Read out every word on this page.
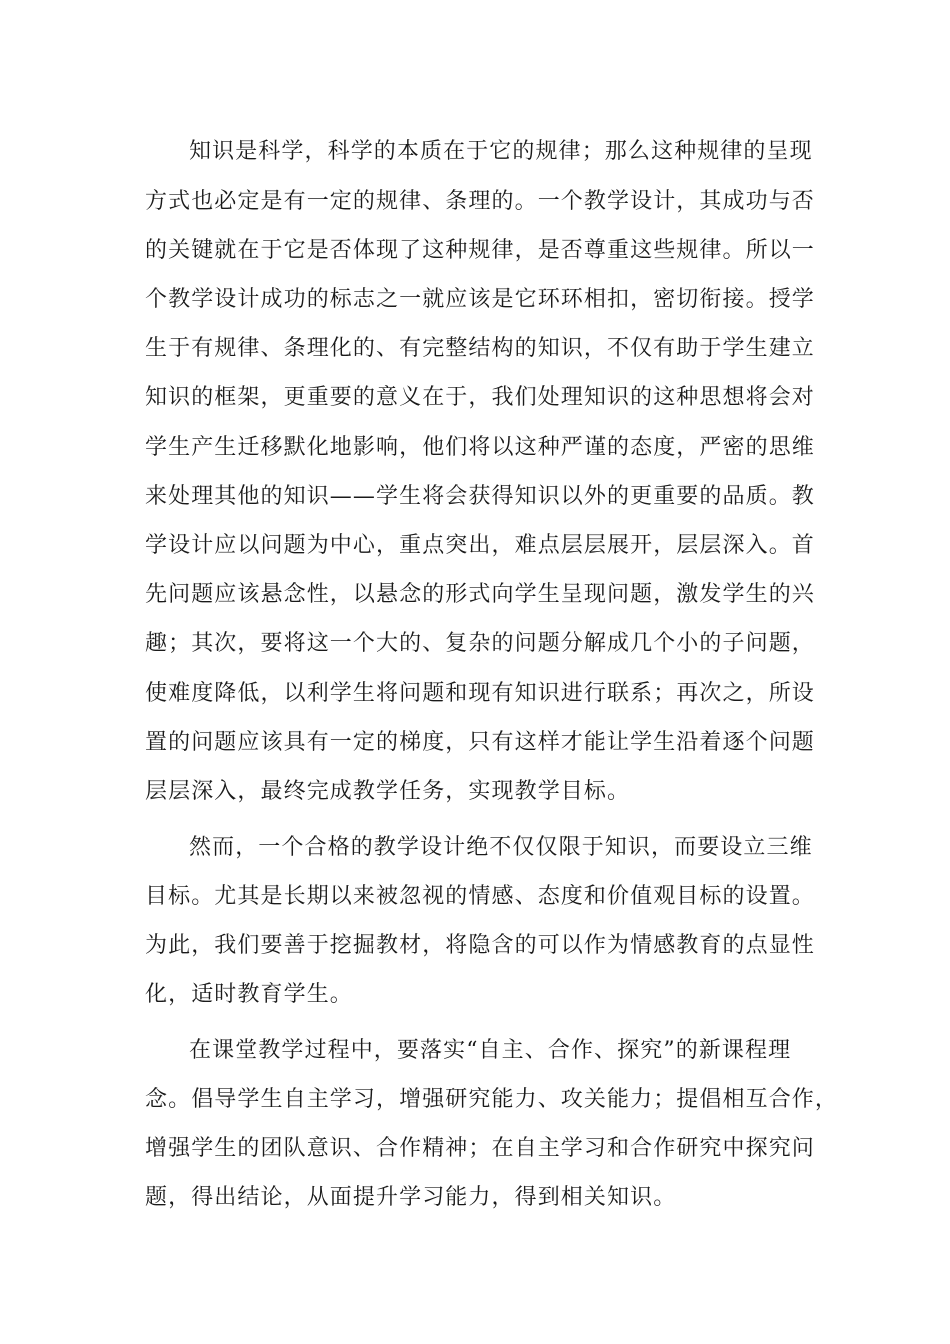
知识是科学，科学的本质在于它的规律；那么这种规律的呈现
方式也必定是有一定的规律、条理的。一个教学设计，其成功与否
的关键就在于它是否体现了这种规律，是否尊重这些规律。所以一
个教学设计成功的标志之一就应该是它环环相扣，密切衔接。授学
生于有规律、条理化的、有完整结构的知识，不仅有助于学生建立
知识的框架，更重要的意义在于，我们处理知识的这种思想将会对
学生产生迁移默化地影响，他们将以这种严谨的态度，严密的思维
来处理其他的知识——学生将会获得知识以外的更重要的品质。教
学设计应以问题为中心，重点突出，难点层层展开，层层深入。首
先问题应该悬念性，以悬念的形式向学生呈现问题，激发学生的兴
趣；其次，要将这一个大的、复杂的问题分解成几个小的子问题，
使难度降低，以利学生将问题和现有知识进行联系；再次之，所设
置的问题应该具有一定的梯度，只有这样才能让学生沿着逐个问题
层层深入，最终完成教学任务，实现教学目标。
然而，一个合格的教学设计绝不仅仅限于知识，而要设立三维
目标。尤其是长期以来被忽视的情感、态度和价值观目标的设置。
为此，我们要善于挖掘教材，将隐含的可以作为情感教育的点显性
化，适时教育学生。
在课堂教学过程中，要落实“自主、合作、探究”的新课程理
念。倡导学生自主学习，增强研究能力、攻关能力；提倡相互合作，
增强学生的团队意识、合作精神；在自主学习和合作研究中探究问
题，得出结论，从面提升学习能力，得到相关知识。
